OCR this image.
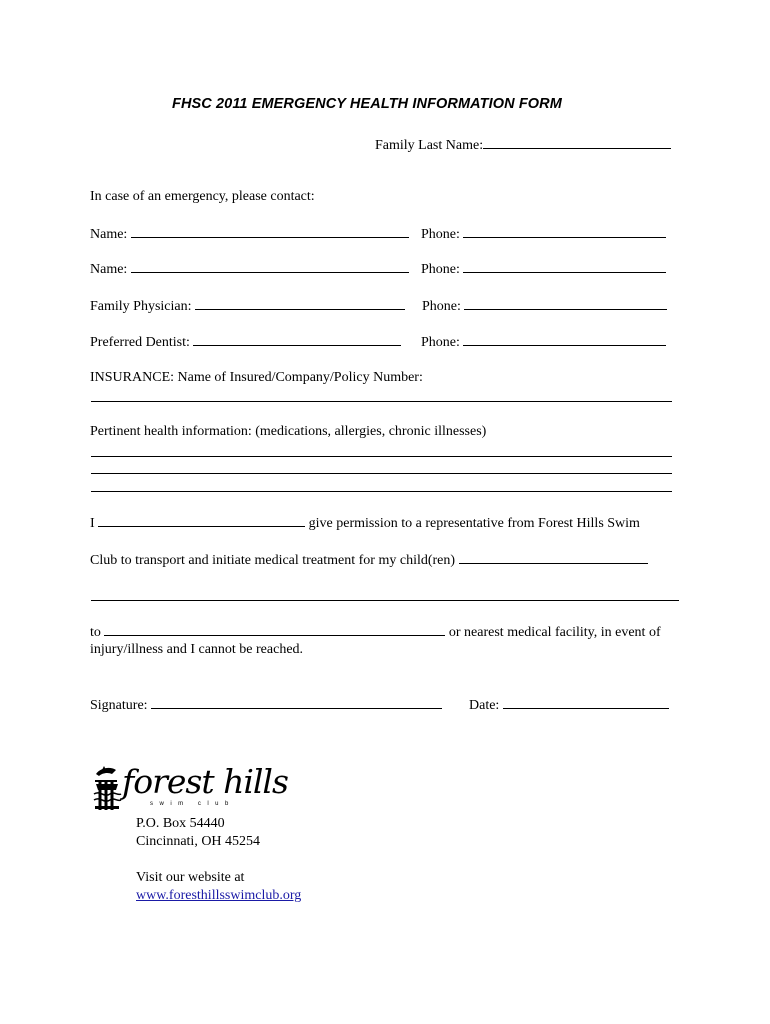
FHSC 2011 EMERGENCY HEALTH INFORMATION FORM
Family Last Name:
In case of an emergency, please contact:
Name:	Phone:
Name:	Phone:
Family Physician:	Phone:
Preferred Dentist:	Phone:
INSURANCE: Name of Insured/Company/Policy Number:
Pertinent health information: (medications, allergies, chronic illnesses)
I	give permission to a representative from Forest Hills Swim
Club to transport and initiate medical treatment for my child(ren)
to	or nearest medical facility, in event of
injury/illness and I cannot be reached.
Signature:	Date:
forest hills
swim club
P.O. Box 54440
Cincinnati, OH 45254
Visit our website at
www.foresthillsswimclub.org
